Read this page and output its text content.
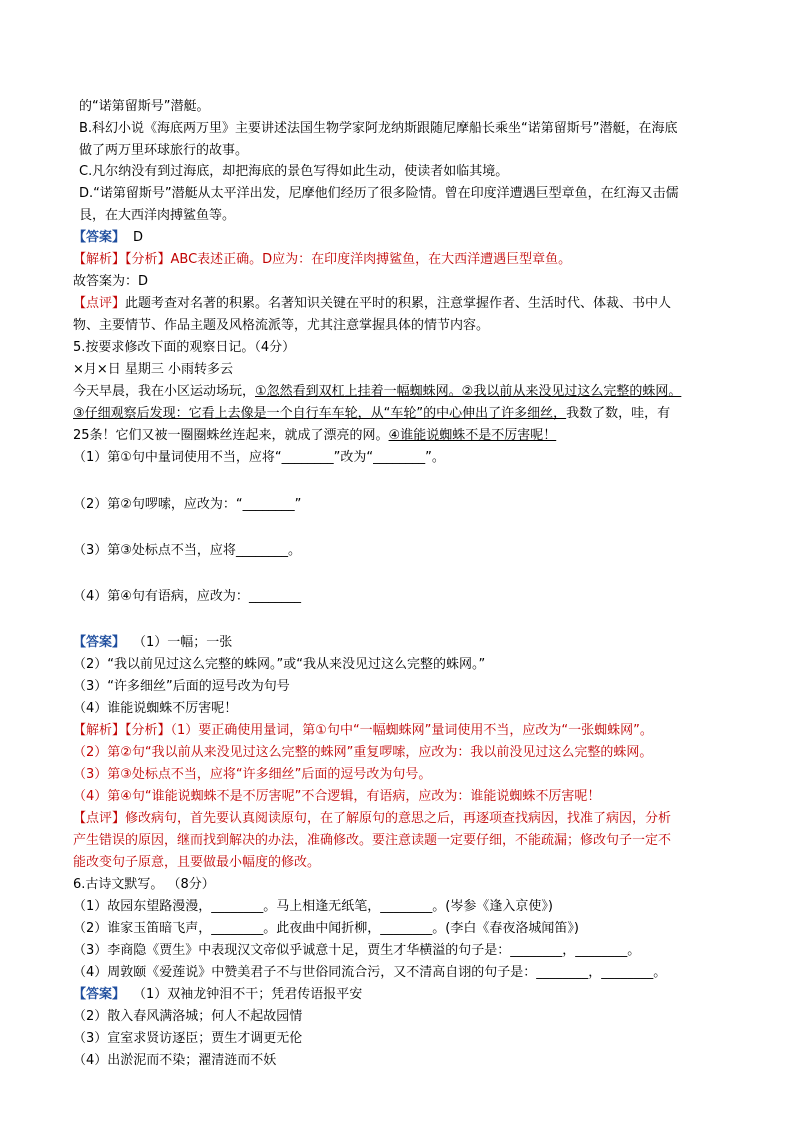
的“诺第留斯号”潜艇。
B.科幻小说《海底两万里》主要讲述法国生物学家阿龙纳斯跟随尼摩船长乘坐“诺第留斯号”潜艇，在海底
做了两万里环球旅行的故事。
C.凡尔纳没有到过海底，却把海底的景色写得如此生动，使读者如临其境。
D.“诺第留斯号”潜艇从太平洋出发，尼摩他们经历了很多险情。曾在印度洋遭遇巨型章鱼，在红海又击儒
艮，在大西洋肉搏鲨鱼等。
【答案】 D
【解析】【分析】ABC表述正确。D应为：在印度洋肉搏鲨鱼，在大西洋遭遇巨型章鱼。
故答案为：D
【点评】此题考查对名著的积累。名著知识关键在平时的积累，注意掌握作者、生活时代、体裁、书中人
物、主要情节、作品主题及风格流派等，尤其注意掌握具体的情节内容。
5.按要求修改下面的观察日记。（4分）
×月×日 星期三 小雨转多云
今天早晨，我在小区运动场玩，①忽然看到双杠上挂着一幅蜘蛛网。②我以前从来没见过这么完整的蛛网。
③仔细观察后发现：它看上去像是一个自行车车轮，从“车轮”的中心伸出了许多细丝，我数了数，哇，有
25条！它们又被一圈圈蛛丝连起来，就成了漂亮的网。④谁能说蜘蛛不是不厉害呢！
（1）第①句中量词使用不当，应将“________”改为“________”。
（2）第②句啰嗦，应改为：“________”
（3）第③处标点不当，应将________。
（4）第④句有语病，应改为：________
【答案】 （1）一幅；一张
（2）“我以前见过这么完整的蛛网。”或“我从来没见过这么完整的蛛网。”
（3）“许多细丝”后面的逗号改为句号
（4）谁能说蜘蛛不厉害呢！
【解析】【分析】（1）要正确使用量词，第①句中“一幅蜘蛛网”量词使用不当，应改为“一张蜘蛛网”。
（2）第②句“我以前从来没见过这么完整的蛛网”重复啰嗦，应改为：我以前没见过这么完整的蛛网。
（3）第③处标点不当，应将“许多细丝”后面的逗号改为句号。
（4）第④句“谁能说蜘蛛不是不厉害呢”不合逻辑，有语病，应改为：谁能说蜘蛛不厉害呢！
【点评】修改病句，首先要认真阅读原句，在了解原句的意思之后，再逐项查找病因，找准了病因，分析
产生错误的原因，继而找到解决的办法，准确修改。要注意读题一定要仔细，不能疏漏；修改句子一定不
能改变句子原意，且要做最小幅度的修改。
6.古诗文默写。 （8分）
（1）故园东望路漫漫，________。马上相逢无纸笔，________。(岑参《逢入京使》)
（2）谁家玉笛暗飞声，________。此夜曲中闻折柳，________。(李白《春夜洛城闻笛》)
（3）李商隐《贾生》中表现汉文帝似乎诚意十足，贾生才华横溢的句子是：________，________。
（4）周敦颐《爱莲说》中赞美君子不与世俗同流合污，又不清高自诩的句子是：________，________。
【答案】 （1）双袖龙钟泪不干；凭君传语报平安
（2）散入春风满洛城；何人不起故园情
（3）宣室求贤访逐臣；贾生才调更无伦
（4）出淤泥而不染；濯清涟而不妖
